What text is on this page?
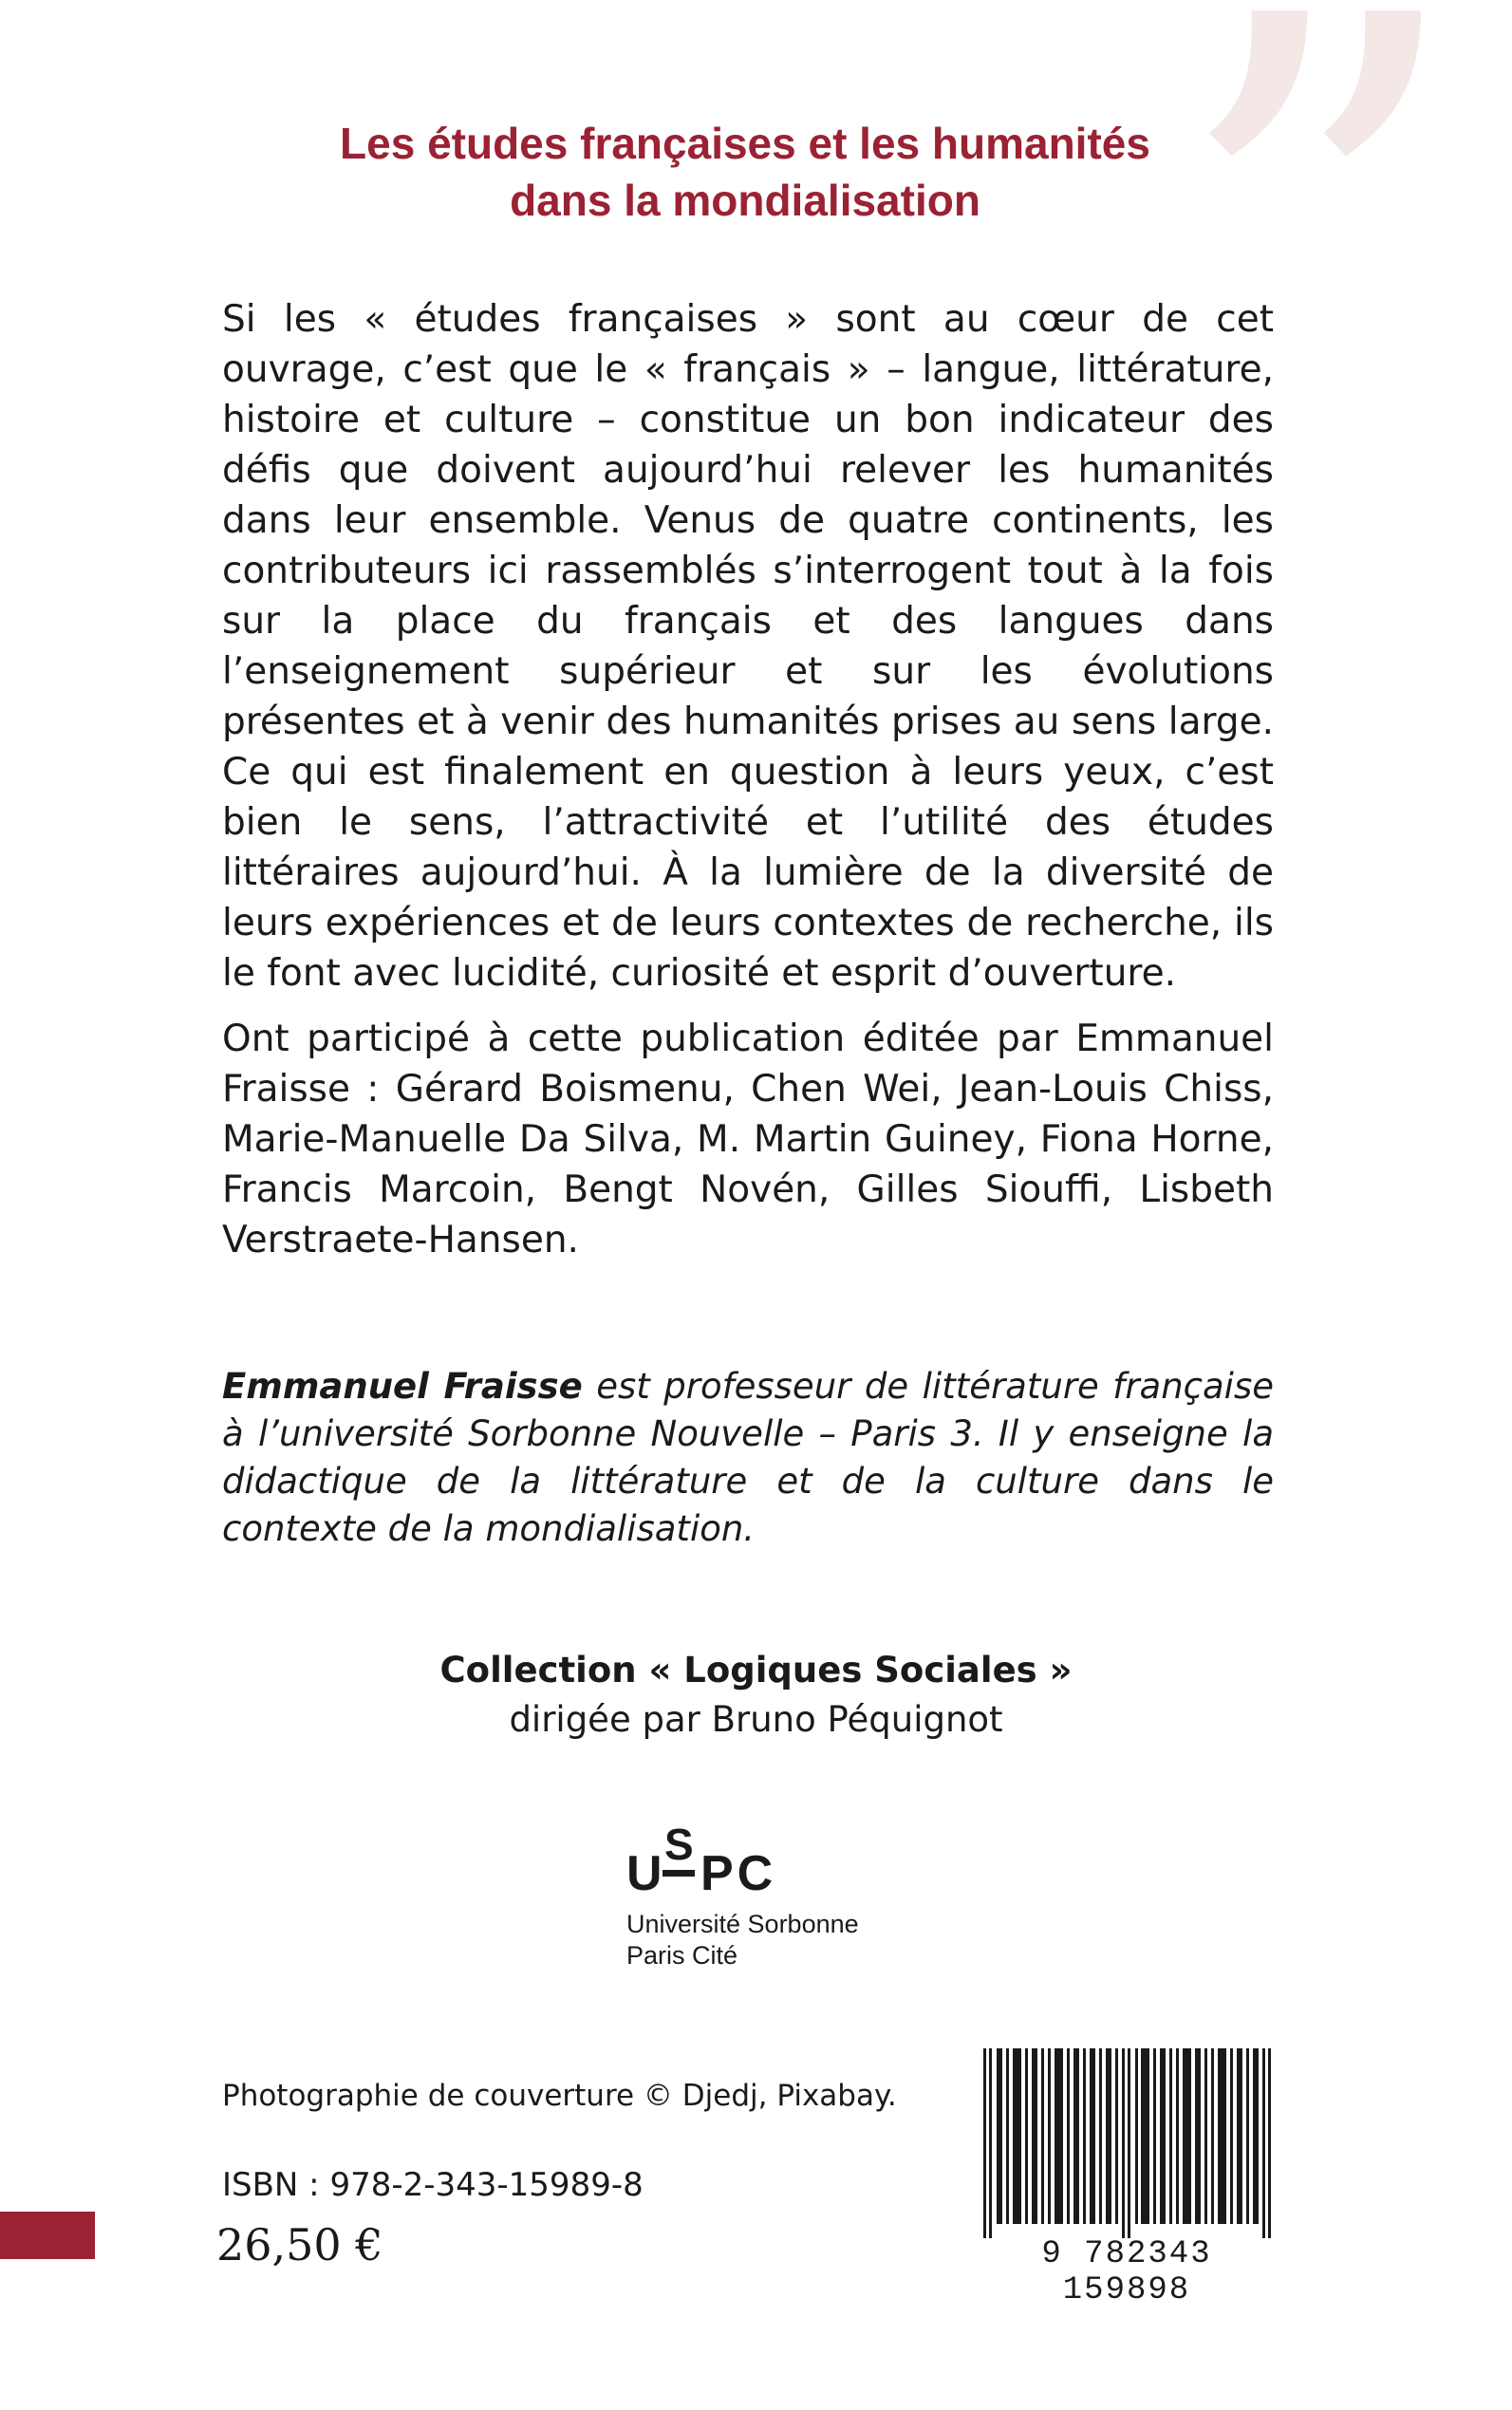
”
Les études françaises et les humanités
dans la mondialisation

Si les « études françaises » sont au cœur de cet ouvrage, c’est que le « français » – langue, littérature, histoire et culture – constitue un bon indicateur des défis que doivent aujourd’hui relever les humanités dans leur ensemble. Venus de quatre continents, les contributeurs ici rassemblés s’interrogent tout à la fois sur la place du français et des langues dans l’enseignement supérieur et sur les évolutions présentes et à venir des humanités prises au sens large. Ce qui est finalement en question à leurs yeux, c’est bien le sens, l’attractivité et l’utilité des études littéraires aujourd’hui. À la lumière de la diversité de leurs expériences et de leurs contextes de recherche, ils le font avec lucidité, curiosité et esprit d’ouverture.

Ont participé à cette publication éditée par Emmanuel Fraisse : Gérard Boismenu, Chen Wei, Jean-Louis Chiss, Marie-Manuelle Da Silva, M. Martin Guiney, Fiona Horne, Francis Marcoin, Bengt Novén, Gilles Siouffi, Lisbeth Verstraete-Hansen.

Emmanuel Fraisse est professeur de littérature française à l’université Sorbonne Nouvelle – Paris 3. Il y enseigne la didactique de la littérature et de la culture dans le contexte de la mondialisation.

Collection « Logiques Sociales »
dirigée par Bruno Péquignot
U
S
PC
Université Sorbonne
Paris Cité
Photographie de couverture © Djedj, Pixabay.
ISBN : 978-2-343-15989-8
26,50 €	9 782343 159898
